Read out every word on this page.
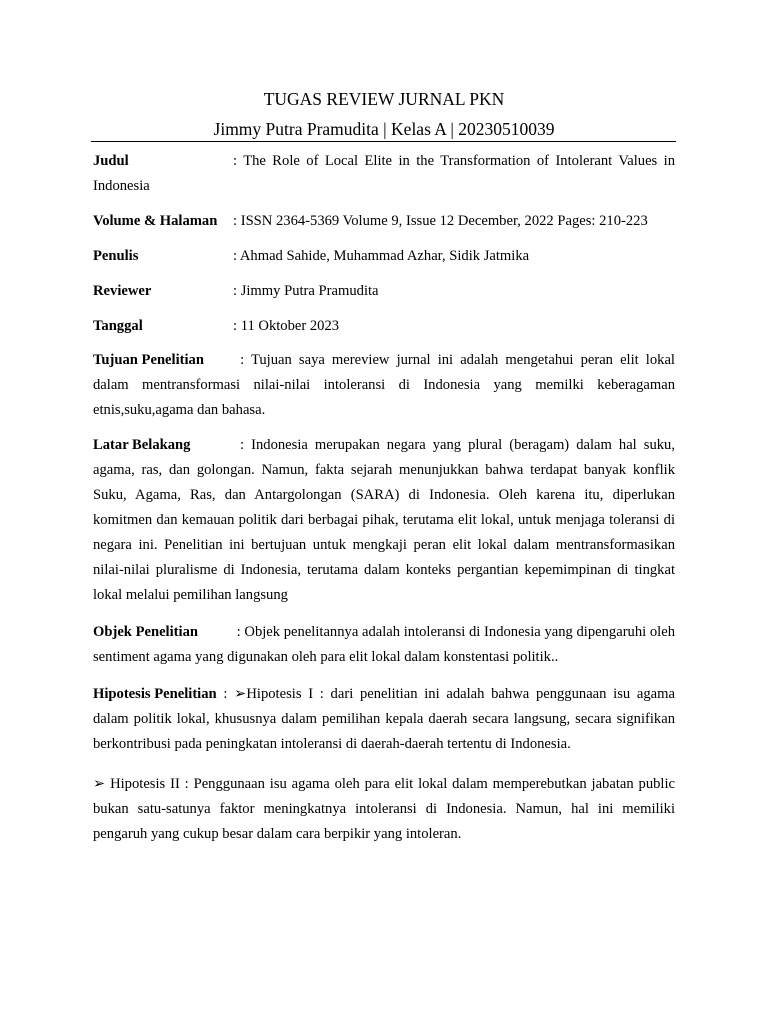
TUGAS REVIEW JURNAL PKN
Jimmy Putra Pramudita | Kelas A | 20230510039
Judul	: The Role of Local Elite in the Transformation of Intolerant Values in Indonesia
Volume & Halaman : ISSN 2364-5369 Volume 9, Issue 12 December, 2022 Pages: 210-223
Penulis	: Ahmad Sahide, Muhammad Azhar, Sidik Jatmika
Reviewer	: Jimmy Putra Pramudita
Tanggal	: 11 Oktober 2023
Tujuan Penelitian : Tujuan saya mereview jurnal ini adalah mengetahui peran elit lokal dalam mentransformasi nilai-nilai intoleransi di Indonesia yang memilki keberagaman etnis,suku,agama dan bahasa.
Latar Belakang	: Indonesia merupakan negara yang plural (beragam) dalam hal suku, agama, ras, dan golongan. Namun, fakta sejarah menunjukkan bahwa terdapat banyak konflik Suku, Agama, Ras, dan Antargolongan (SARA) di Indonesia. Oleh karena itu, diperlukan komitmen dan kemauan politik dari berbagai pihak, terutama elit lokal, untuk menjaga toleransi di negara ini. Penelitian ini bertujuan untuk mengkaji peran elit lokal dalam mentransformasikan nilai-nilai pluralisme di Indonesia, terutama dalam konteks pergantian kepemimpinan di tingkat lokal melalui pemilihan langsung
Objek Penelitian : Objek penelitannya adalah intoleransi di Indonesia yang dipengaruhi oleh sentiment agama yang digunakan oleh para elit lokal dalam konstentasi politik..
Hipotesis Penelitian : ➢Hipotesis I : dari penelitian ini adalah bahwa penggunaan isu agama dalam politik lokal, khususnya dalam pemilihan kepala daerah secara langsung, secara signifikan berkontribusi pada peningkatan intoleransi di daerah-daerah tertentu di Indonesia.
➢ Hipotesis II : Penggunaan isu agama oleh para elit lokal dalam memperebutkan jabatan public bukan satu-satunya faktor meningkatnya intoleransi di Indonesia. Namun, hal ini memiliki pengaruh yang cukup besar dalam cara berpikir yang intoleran.
